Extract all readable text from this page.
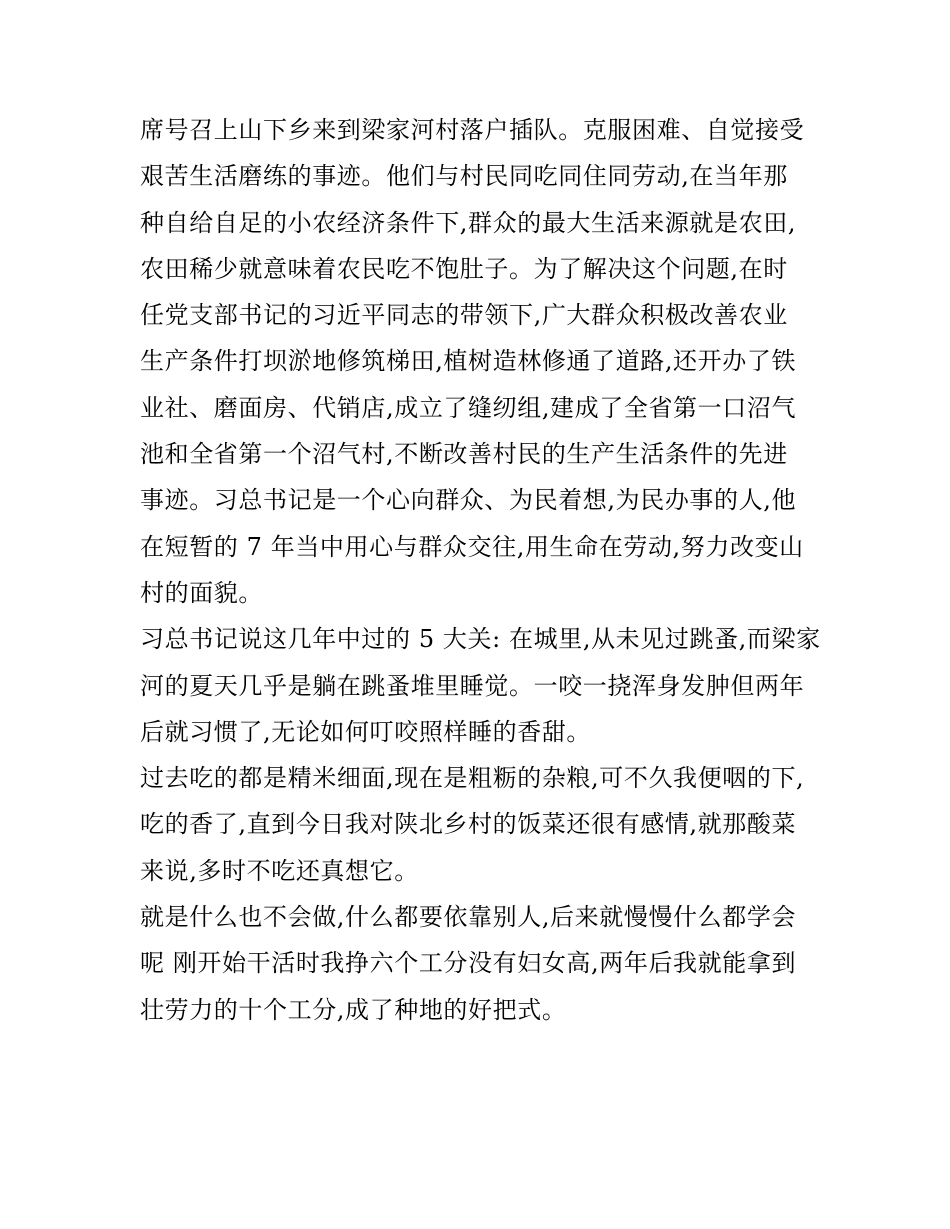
席号召上山下乡来到梁家河村落户插队。克服困难、自觉接受
艰苦生活磨练的事迹。他们与村民同吃同住同劳动,在当年那
种自给自足的小农经济条件下,群众的最大生活来源就是农田,
农田稀少就意味着农民吃不饱肚子。为了解决这个问题,在时
任党支部书记的习近平同志的带领下,广大群众积极改善农业
生产条件打坝淤地修筑梯田,植树造林修通了道路,还开办了铁
业社、磨面房、代销店,成立了缝纫组,建成了全省第一口沼气
池和全省第一个沼气村,不断改善村民的生产生活条件的先进
事迹。习总书记是一个心向群众、为民着想,为民办事的人,他
在短暂的 7 年当中用心与群众交往,用生命在劳动,努力改变山
村的面貌。
习总书记说这几年中过的 5 大关: 在城里,从未见过跳蚤,而梁家
河的夏天几乎是躺在跳蚤堆里睡觉。一咬一挠浑身发肿但两年
后就习惯了,无论如何叮咬照样睡的香甜。
过去吃的都是精米细面,现在是粗粝的杂粮,可不久我便咽的下,
吃的香了,直到今日我对陕北乡村的饭菜还很有感情,就那酸菜
来说,多时不吃还真想它。
就是什么也不会做,什么都要依靠别人,后来就慢慢什么都学会
呢 刚开始干活时我挣六个工分没有妇女高,两年后我就能拿到
壮劳力的十个工分,成了种地的好把式。
